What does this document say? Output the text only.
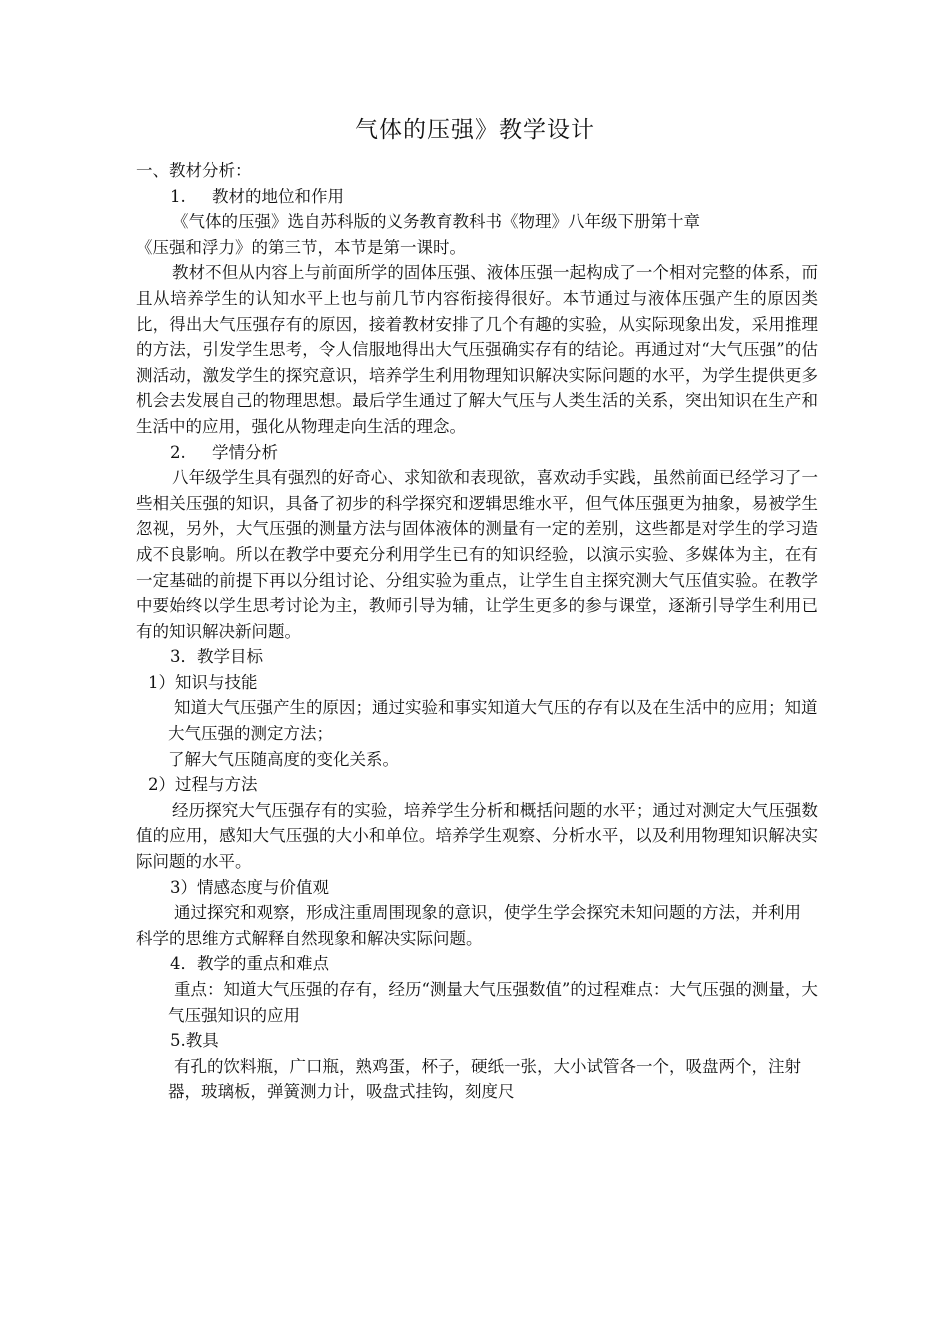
气体的压强》教学设计

一、教材分析：

1. 教材的地位和作用

《气体的压强》选自苏科版的义务教育教科书《物理》八年级下册第十章

《压强和浮力》的第三节，本节是第一课时。

教材不但从内容上与前面所学的固体压强、液体压强一起构成了一个相对完整的体系，而且从培养学生的认知水平上也与前几节内容衔接得很好。本节通过与液体压强产生的原因类比，得出大气压强存有的原因，接着教材安排了几个有趣的实验，从实际现象出发，采用推理的方法，引发学生思考，令人信服地得出大气压强确实存有的结论。再通过对“大气压强”的估测活动，激发学生的探究意识，培养学生利用物理知识解决实际问题的水平，为学生提供更多机会去发展自己的物理思想。最后学生通过了解大气压与人类生活的关系，突出知识在生产和生活中的应用，强化从物理走向生活的理念。

2. 学情分析

八年级学生具有强烈的好奇心、求知欲和表现欲，喜欢动手实践，虽然前面已经学习了一些相关压强的知识，具备了初步的科学探究和逻辑思维水平，但气体压强更为抽象，易被学生忽视，另外，大气压强的测量方法与固体液体的测量有一定的差别，这些都是对学生的学习造成不良影响。所以在教学中要充分利用学生已有的知识经验，以演示实验、多媒体为主，在有一定基础的前提下再以分组讨论、分组实验为重点，让学生自主探究测大气压值实验。在教学中要始终以学生思考讨论为主，教师引导为辅，让学生更多的参与课堂，逐渐引导学生利用已有的知识解决新问题。

3．教学目标

1）知识与技能

知道大气压强产生的原因；通过实验和事实知道大气压的存有以及在生活中的应用；知道大气压强的测定方法；

了解大气压随高度的变化关系。

2）过程与方法

经历探究大气压强存有的实验，培养学生分析和概括问题的水平；通过对测定大气压强数值的应用，感知大气压强的大小和单位。培养学生观察、分析水平，以及利用物理知识解决实际问题的水平。

3）情感态度与价值观

通过探究和观察，形成注重周围现象的意识，使学生学会探究未知问题的方法，并利用

科学的思维方式解释自然现象和解决实际问题。

4．教学的重点和难点

重点：知道大气压强的存有，经历“测量大气压强数值”的过程难点：大气压强的测量，大气压强知识的应用

5.教具

有孔的饮料瓶，广口瓶，熟鸡蛋，杯子，硬纸一张，大小试管各一个，吸盘两个，注射器，玻璃板，弹簧测力计，吸盘式挂钩，刻度尺
